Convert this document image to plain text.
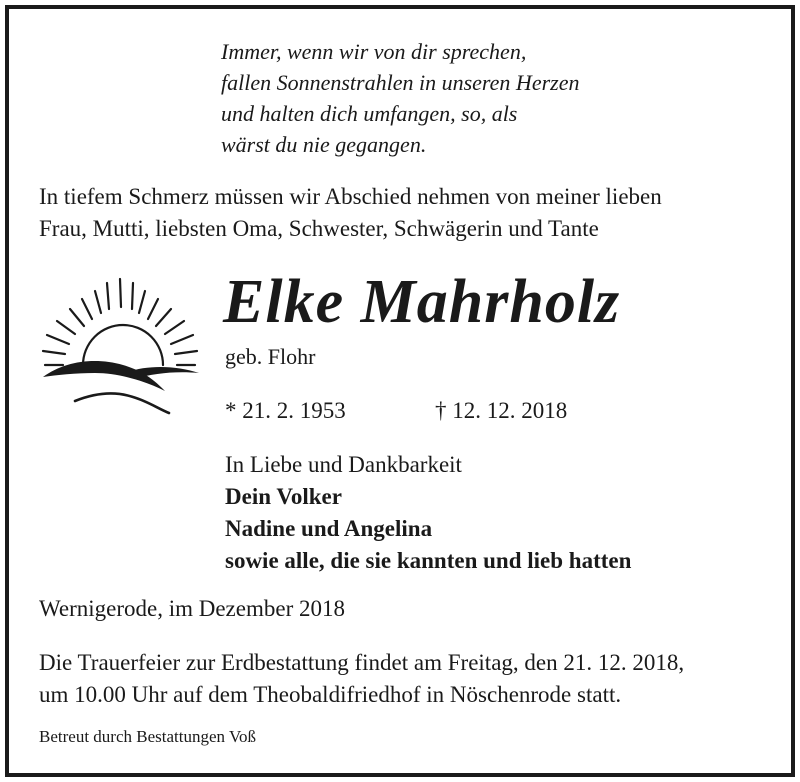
Immer, wenn wir von dir sprechen,
fallen Sonnenstrahlen in unseren Herzen
und halten dich umfangen, so, als
wärst du nie gegangen.
In tiefem Schmerz müssen wir Abschied nehmen von meiner lieben
Frau, Mutti, liebsten Oma, Schwester, Schwägerin und Tante
Elke Mahrholz
geb. Flohr
* 21. 2. 1953	† 12. 12. 2018
In Liebe und Dankbarkeit
Dein Volker
Nadine und Angelina
sowie alle, die sie kannten und lieb hatten
Wernigerode, im Dezember 2018
Die Trauerfeier zur Erdbestattung findet am Freitag, den 21. 12. 2018,
um 10.00 Uhr auf dem Theobaldifriedhof in Nöschenrode statt.
Betreut durch Bestattungen Voß
